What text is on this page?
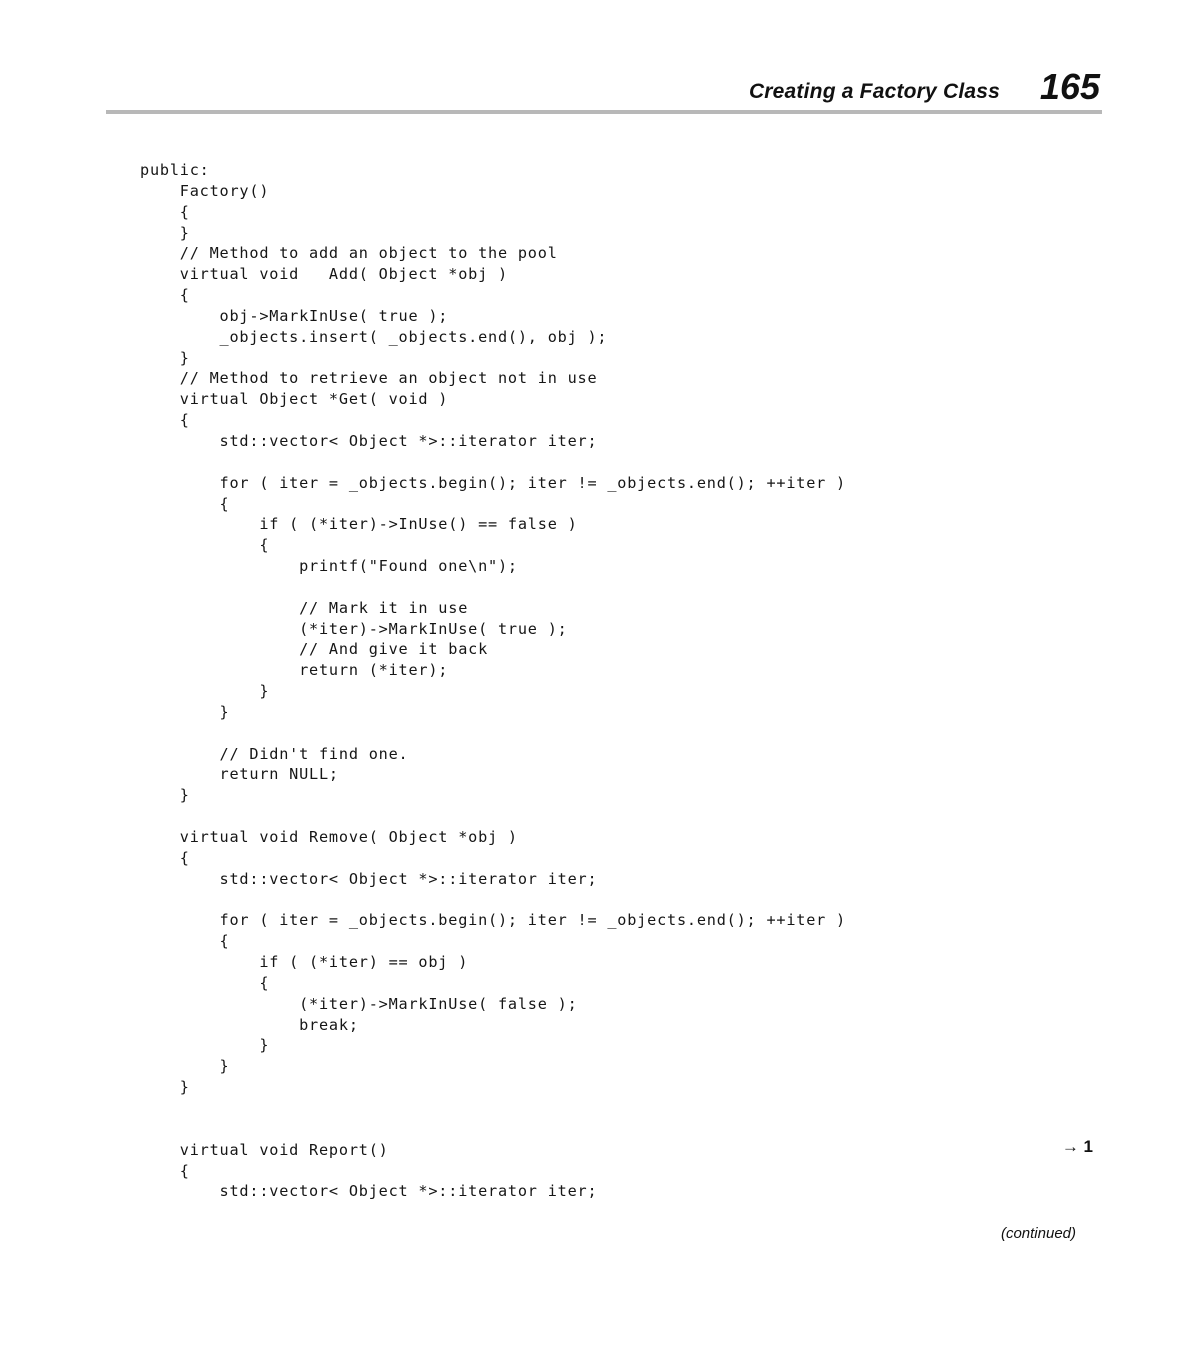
Creating a Factory Class 165
public:
Factory()
{
}
// Method to add an object to the pool
virtual void   Add( Object *obj )
{
obj->MarkInUse( true );
_objects.insert( _objects.end(), obj );
}
// Method to retrieve an object not in use
virtual Object *Get( void )
{
std::vector< Object *>::iterator iter;
for ( iter = _objects.begin(); iter != _objects.end(); ++iter )
{
if ( (*iter)->InUse() == false )
{
printf("Found one\n");
// Mark it in use
(*iter)->MarkInUse( true );
// And give it back
return (*iter);
}
}
// Didn't find one.
return NULL;
}
virtual void Remove( Object *obj )
{
std::vector< Object *>::iterator iter;
for ( iter = _objects.begin(); iter != _objects.end(); ++iter )
{
if ( (*iter) == obj )
{
(*iter)->MarkInUse( false );
break;
}
}
}
virtual void Report()
{
std::vector< Object *>::iterator iter;
→ 1
(continued)
